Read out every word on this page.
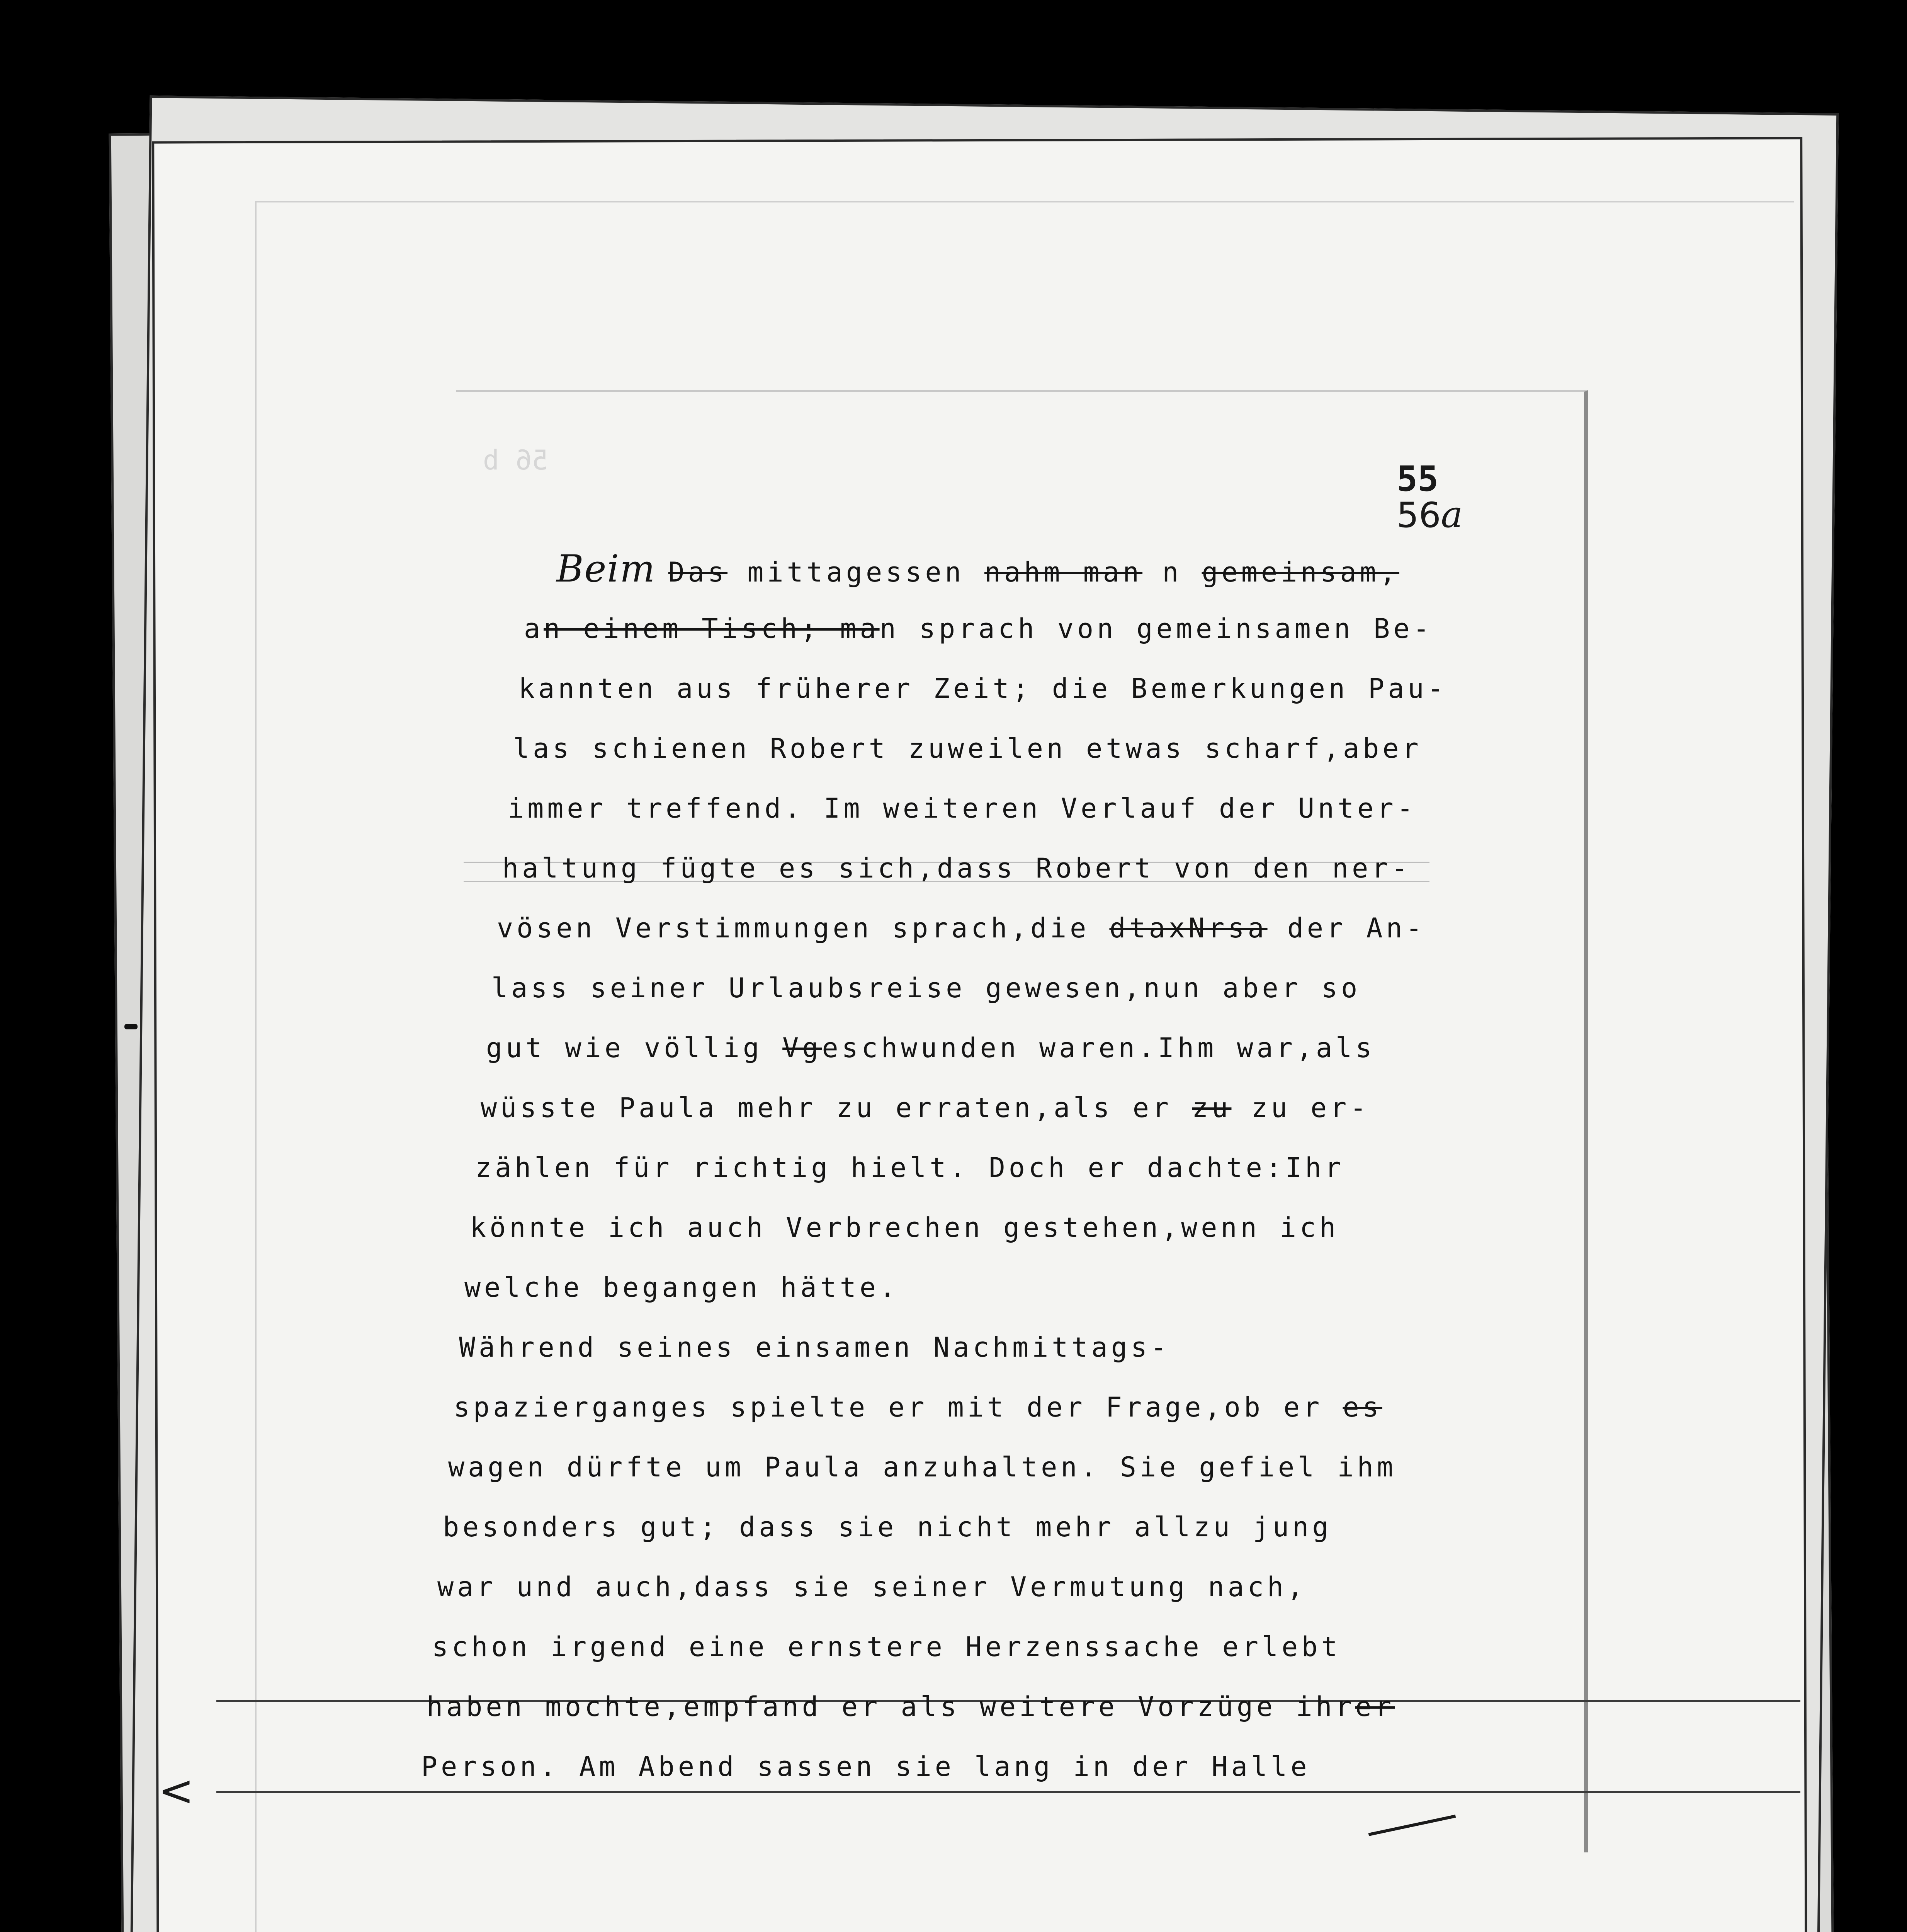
56 b	55
56a
Beim Das mittagessen nahm man n gemeinsam,
an einem Tisch; man sprach von gemeinsamen Be-
kannten aus früherer Zeit; die Bemerkungen Pau-
las schienen Robert zuweilen etwas scharf,aber
immer treffend. Im weiteren Verlauf der Unter-
haltung fügte es sich,dass Robert von den ner-
vösen Verstimmungen sprach,die dtaxNrsa der An-
lass seiner Urlaubsreise gewesen,nun aber so
gut wie völlig Vgeschwunden waren.Ihm war,als
wüsste Paula mehr zu erraten,als er zu zu er-
zählen für richtig hielt. Doch er dachte:Ihr
könnte ich auch Verbrechen gestehen,wenn ich
welche begangen hätte.
Während seines einsamen Nachmittags-
spazierganges spielte er mit der Frage,ob er es
wagen dürfte um Paula anzuhalten. Sie gefiel ihm
besonders gut; dass sie nicht mehr allzu jung
war und auch,dass sie seiner Vermutung nach,
schon irgend eine ernstere Herzenssache erlebt
haben mochte,empfand er als weitere Vorzüge ihrer
Person. Am Abend sassen sie lang in der Halle
<
